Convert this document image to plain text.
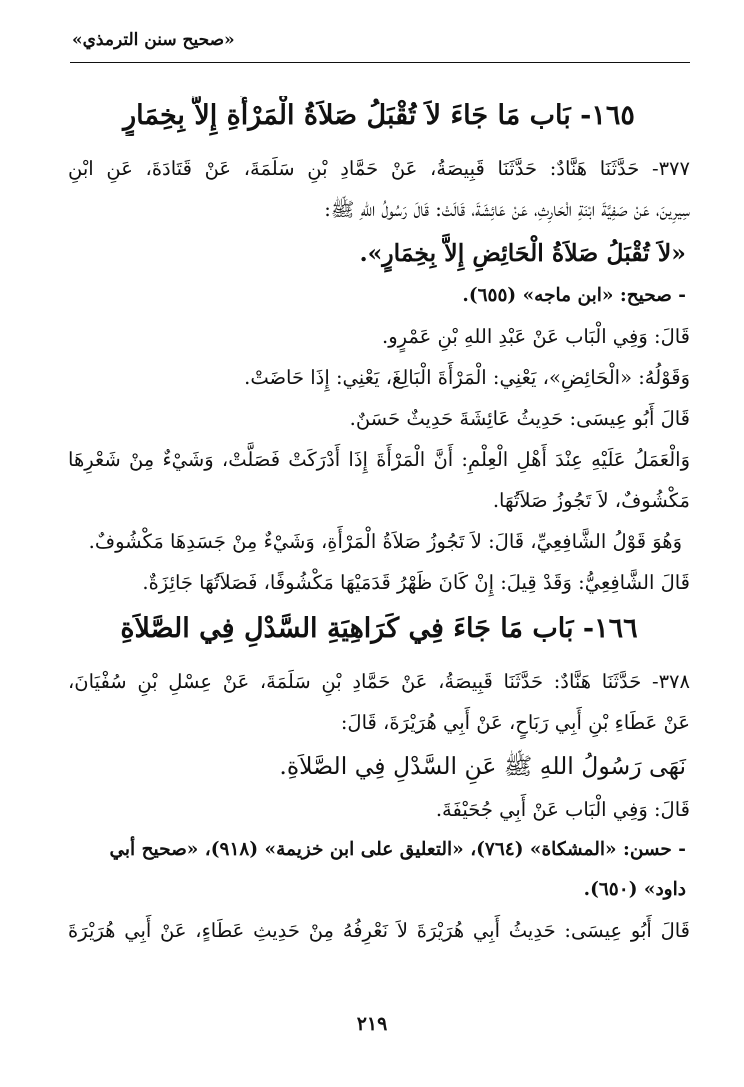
«صحيح سنن الترمذي»
١٦٥- بَاب مَا جَاءَ لاَ تُقْبَلُ صَلاَةُ الْمَرْأَةِ إِلاَّ بِخِمَارٍ
٣٧٧- حَدَّثَنَا هَنَّادٌ: حَدَّثَنَا قَبِيصَةُ، عَنْ حَمَّادِ بْنِ سَلَمَةَ، عَنْ قَتَادَةَ، عَنِ ابْنِ
سِيرِينَ، عَنْ صَفِيَّةَ ابْنَةِ الْحَارِثِ، عَنْ عَائِشَةَ، قَالَتْ: قَالَ رَسُولُ اللهِ ﷺ:
«لاَ تُقْبَلُ صَلاَةُ الْحَائِضِ إِلاَّ بِخِمَارٍ».
- صحيح: «ابن ماجه» (٦٥٥).
قَالَ: وَفِي الْبَاب عَنْ عَبْدِ اللهِ بْنِ عَمْرٍو.
وَقَوْلُهُ: «الْحَائِضِ»، يَعْنِي: الْمَرْأَةَ الْبَالِغَ، يَعْنِي: إِذَا حَاضَتْ.
قَالَ أَبُو عِيسَى: حَدِيثُ عَائِشَةَ حَدِيثٌ حَسَنٌ.
وَالْعَمَلُ عَلَيْهِ عِنْدَ أَهْلِ الْعِلْمِ: أَنَّ الْمَرْأَةَ إِذَا أَدْرَكَتْ فَصَلَّتْ، وَشَيْءٌ مِنْ شَعْرِهَا
مَكْشُوفٌ، لاَ تَجُوزُ صَلاَتُهَا.
وَهُوَ قَوْلُ الشَّافِعِيِّ، قَالَ: لاَ تَجُوزُ صَلاَةُ الْمَرْأَةِ، وَشَيْءٌ مِنْ جَسَدِهَا مَكْشُوفٌ.
قَالَ الشَّافِعِيُّ: وَقَدْ قِيلَ: إِنْ كَانَ ظَهْرُ قَدَمَيْهَا مَكْشُوفًا، فَصَلاَتُهَا جَائِزَةٌ.
١٦٦- بَاب مَا جَاءَ فِي كَرَاهِيَةِ السَّدْلِ فِي الصَّلاَةِ
٣٧٨- حَدَّثَنَا هَنَّادٌ: حَدَّثَنَا قَبِيصَةُ، عَنْ حَمَّادِ بْنِ سَلَمَةَ، عَنْ عِسْلِ بْنِ سُفْيَانَ،
عَنْ عَطَاءِ بْنِ أَبِي رَبَاحٍ، عَنْ أَبِي هُرَيْرَةَ، قَالَ:
نَهَى رَسُولُ اللهِ ﷺ عَنِ السَّدْلِ فِي الصَّلاَةِ.
قَالَ: وَفِي الْبَاب عَنْ أَبِي جُحَيْفَةَ.
- حسن: «المشكاة» (٧٦٤)، «التعليق على ابن خزيمة» (٩١٨)، «صحيح أبي
داود» (٦٥٠).
قَالَ أَبُو عِيسَى: حَدِيثُ أَبِي هُرَيْرَةَ لاَ نَعْرِفُهُ مِنْ حَدِيثِ عَطَاءٍ، عَنْ أَبِي هُرَيْرَةَ
٢١٩
